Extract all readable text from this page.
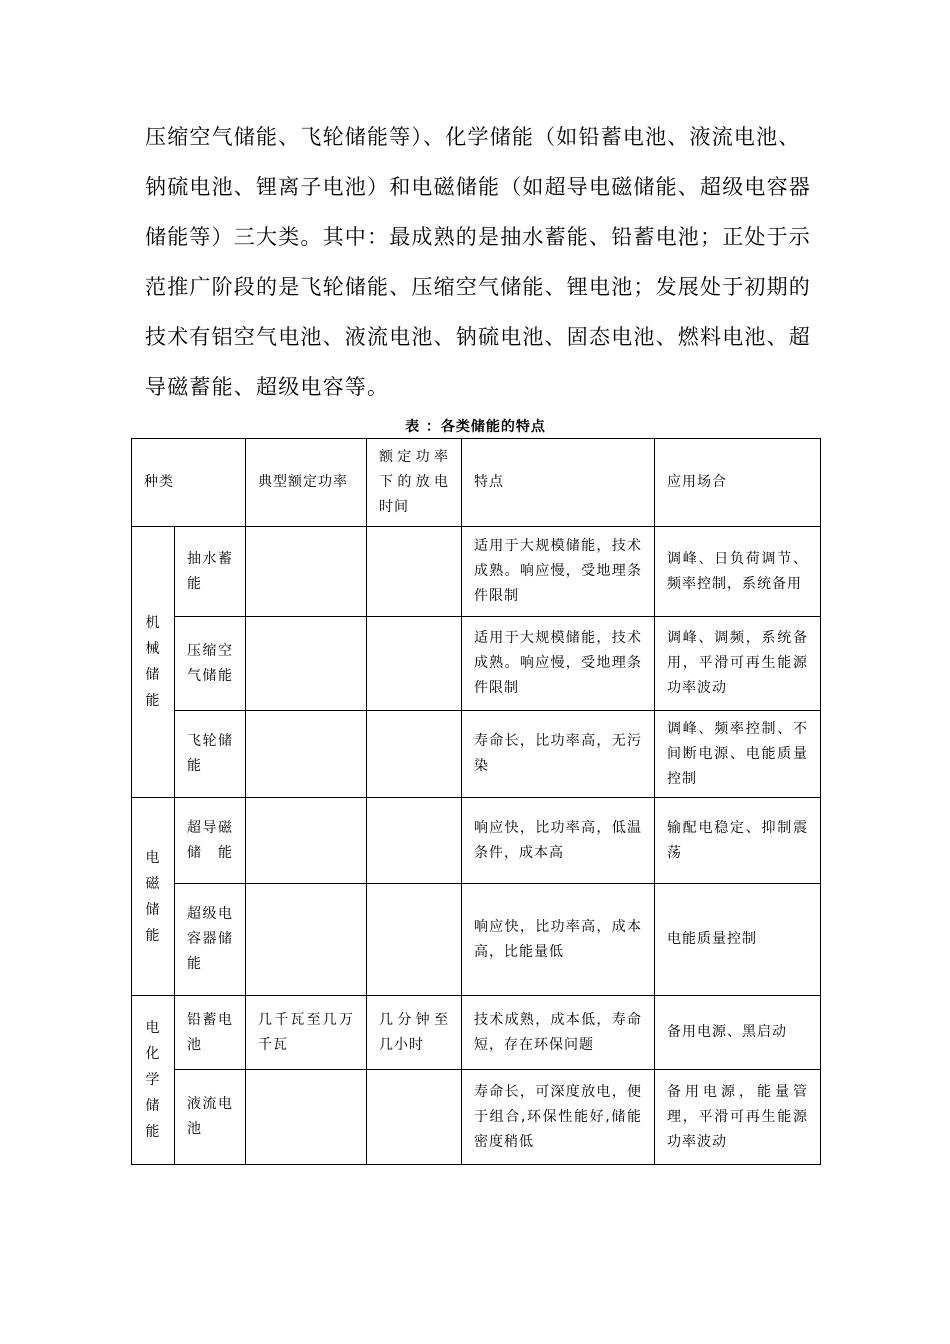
压缩空气储能、飞轮储能等）、化学储能（如铅蓄电池、液流电池、
钠硫电池、锂离子电池）和电磁储能（如超导电磁储能、超级电容器
储能等）三大类。其中：最成熟的是抽水蓄能、铅蓄电池；正处于示
范推广阶段的是飞轮储能、压缩空气储能、锂电池；发展处于初期的
技术有铝空气电池、液流电池、钠硫电池、固态电池、燃料电池、超
导磁蓄能、超级电容等。
表 ：各类储能的特点
种类		典型额定功率	额定功率下的放电时间	特点	应用场合
机械储能	抽水蓄能			适用于大规模储能，技术成熟。响应慢，受地理条件限制	调峰、日负荷调节、频率控制，系统备用
	压缩空气储能			适用于大规模储能，技术成熟。响应慢，受地理条件限制	调峰、调频，系统备用，平滑可再生能源功率波动
	飞轮储能			寿命长，比功率高，无污染	调峰、频率控制、不间断电源、电能质量控制
电磁储能	超导磁储能			响应快，比功率高，低温条件，成本高	输配电稳定、抑制震荡
	超级电容器储能			响应快，比功率高，成本高，比能量低	电能质量控制
电化学储能	铅蓄电池	几千瓦至几万千瓦	几分钟至几小时	技术成熟，成本低，寿命短，存在环保问题	备用电源、黑启动
	液流电池			寿命长，可深度放电，便于组合,环保性能好,储能密度稍低	备用电源，能量管理，平滑可再生能源功率波动
